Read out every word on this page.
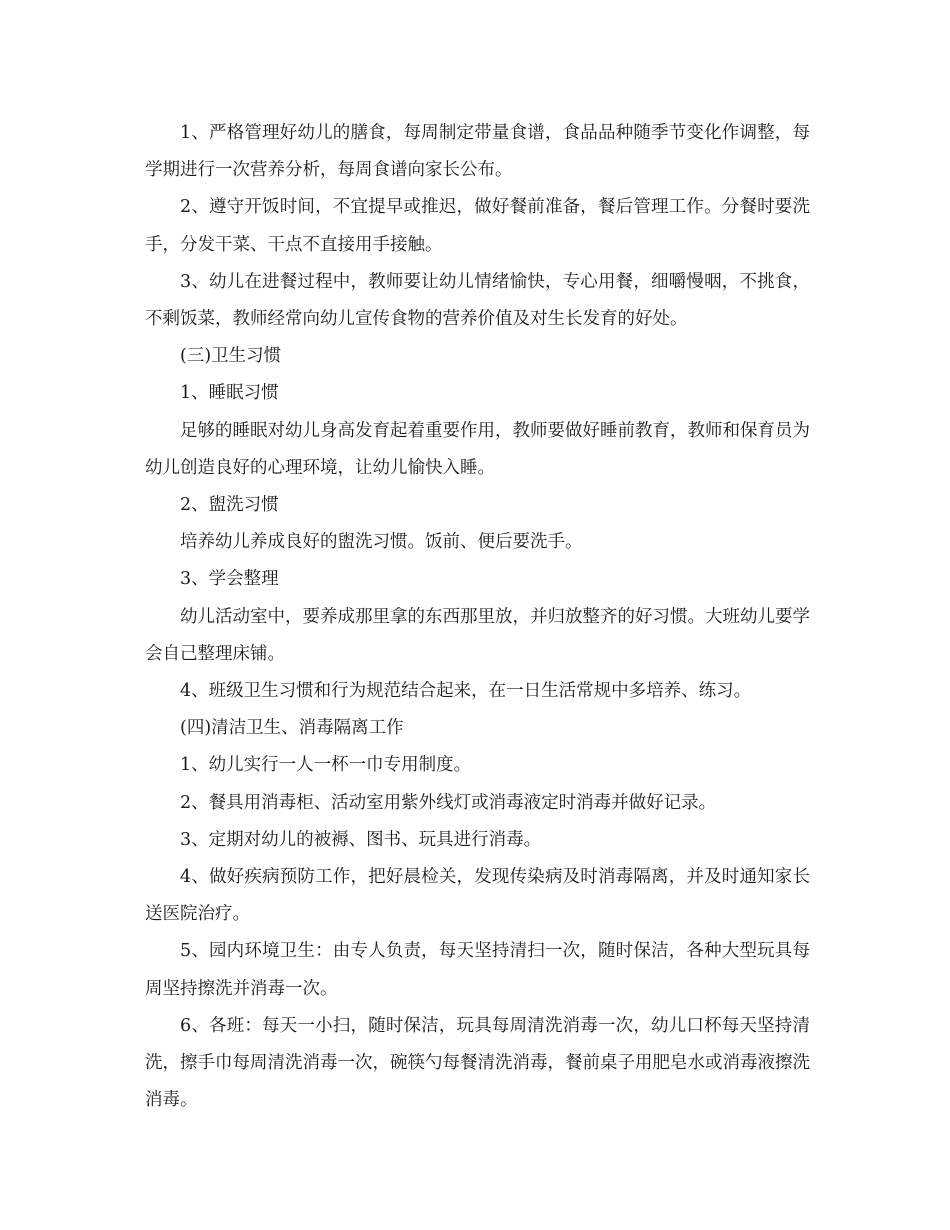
1、严格管理好幼儿的膳食，每周制定带量食谱，食品品种随季节变化作调整，每学期进行一次营养分析，每周食谱向家长公布。

2、遵守开饭时间，不宜提早或推迟，做好餐前准备，餐后管理工作。分餐时要洗手，分发干菜、干点不直接用手接触。

3、幼儿在进餐过程中，教师要让幼儿情绪愉快，专心用餐，细嚼慢咽，不挑食，不剩饭菜，教师经常向幼儿宣传食物的营养价值及对生长发育的好处。

(三)卫生习惯

1、睡眠习惯

足够的睡眠对幼儿身高发育起着重要作用，教师要做好睡前教育，教师和保育员为幼儿创造良好的心理环境，让幼儿愉快入睡。

2、盥洗习惯

培养幼儿养成良好的盥洗习惯。饭前、便后要洗手。

3、学会整理

幼儿活动室中，要养成那里拿的东西那里放，并归放整齐的好习惯。大班幼儿要学会自己整理床铺。

4、班级卫生习惯和行为规范结合起来，在一日生活常规中多培养、练习。

(四)清洁卫生、消毒隔离工作

1、幼儿实行一人一杯一巾专用制度。

2、餐具用消毒柜、活动室用紫外线灯或消毒液定时消毒并做好记录。

3、定期对幼儿的被褥、图书、玩具进行消毒。

4、做好疾病预防工作，把好晨检关，发现传染病及时消毒隔离，并及时通知家长送医院治疗。

5、园内环境卫生：由专人负责，每天坚持清扫一次，随时保洁，各种大型玩具每周坚持擦洗并消毒一次。

6、各班：每天一小扫，随时保洁，玩具每周清洗消毒一次，幼儿口杯每天坚持清洗，擦手巾每周清洗消毒一次，碗筷勺每餐清洗消毒，餐前桌子用肥皂水或消毒液擦洗消毒。
